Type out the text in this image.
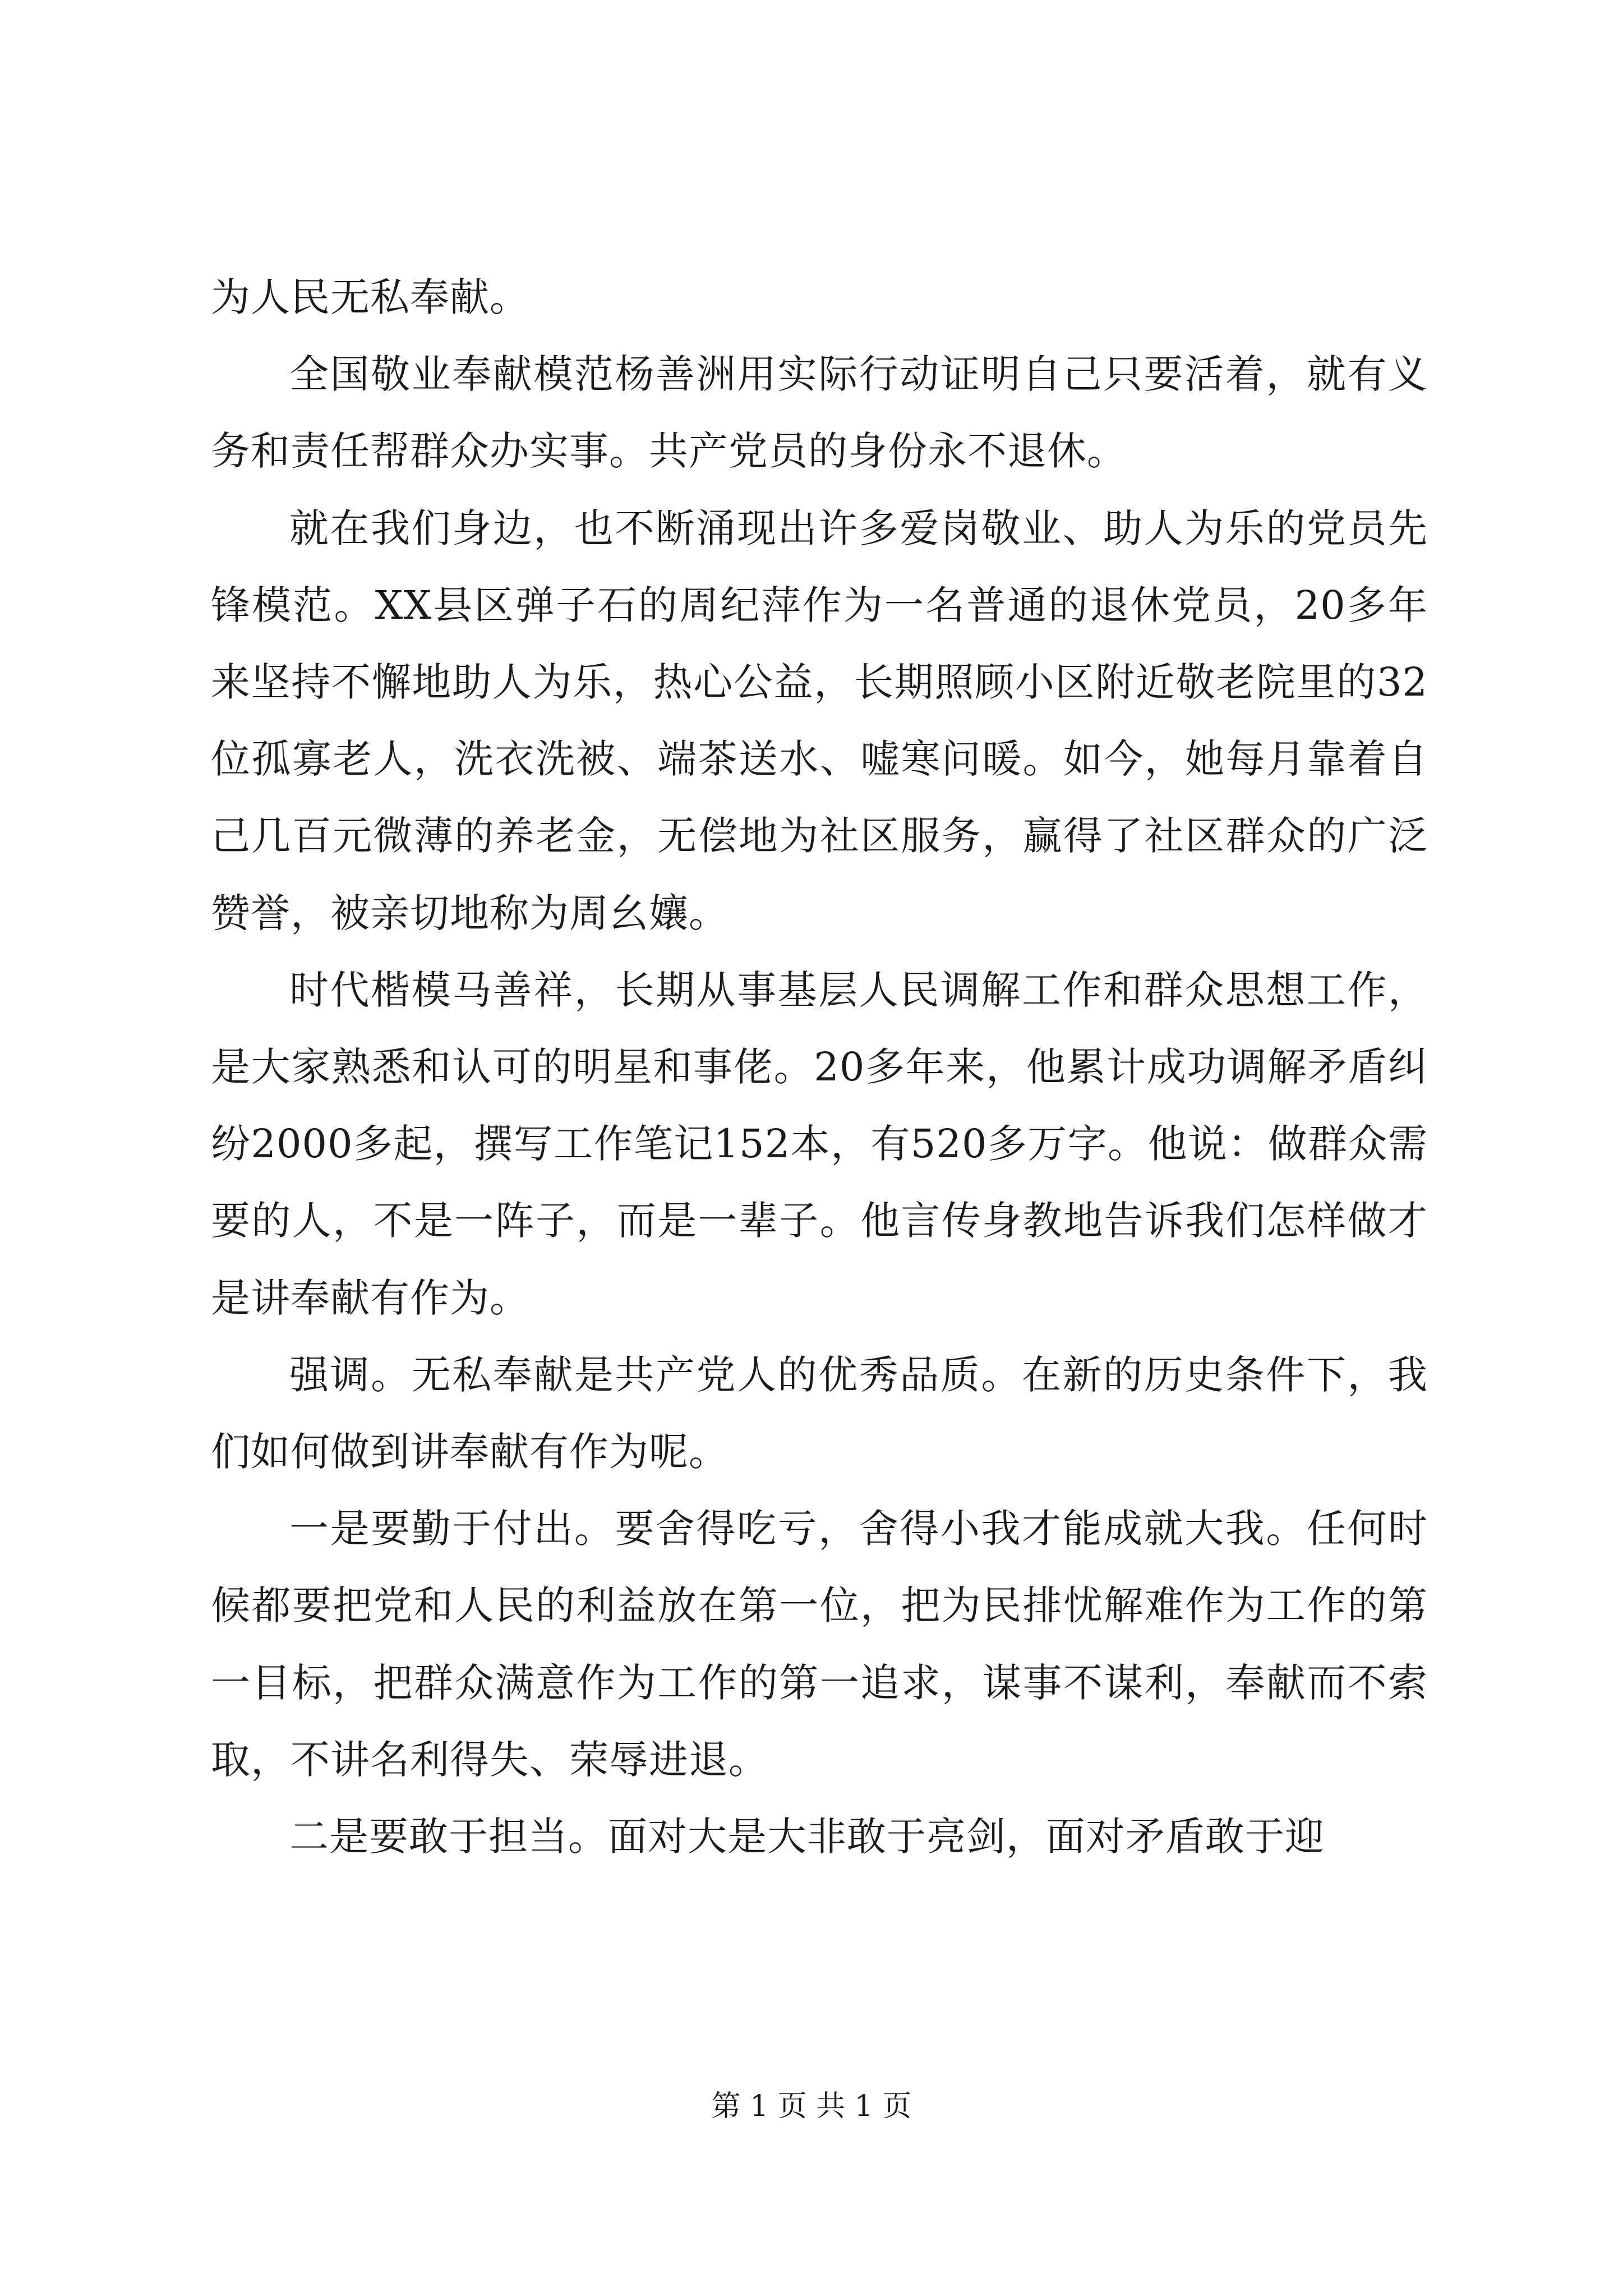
为人民无私奉献。

全国敬业奉献模范杨善洲用实际行动证明自己只要活着，就有义务和责任帮群众办实事。共产党员的身份永不退休。

就在我们身边，也不断涌现出许多爱岗敬业、助人为乐的党员先锋模范。XX县区弹子石的周纪萍作为一名普通的退休党员，20多年来坚持不懈地助人为乐，热心公益，长期照顾小区附近敬老院里的32位孤寡老人，洗衣洗被、端茶送水、嘘寒问暖。如今，她每月靠着自己几百元微薄的养老金，无偿地为社区服务，赢得了社区群众的广泛赞誉，被亲切地称为周幺孃。

时代楷模马善祥，长期从事基层人民调解工作和群众思想工作，是大家熟悉和认可的明星和事佬。20多年来，他累计成功调解矛盾纠纷2000多起，撰写工作笔记152本，有520多万字。他说：做群众需要的人，不是一阵子，而是一辈子。他言传身教地告诉我们怎样做才是讲奉献有作为。

强调。无私奉献是共产党人的优秀品质。在新的历史条件下，我们如何做到讲奉献有作为呢。

一是要勤于付出。要舍得吃亏，舍得小我才能成就大我。任何时候都要把党和人民的利益放在第一位，把为民排忧解难作为工作的第一目标，把群众满意作为工作的第一追求，谋事不谋利，奉献而不索取，不讲名利得失、荣辱进退。

二是要敢于担当。面对大是大非敢于亮剑，面对矛盾敢于迎

第 1 页 共 1 页
